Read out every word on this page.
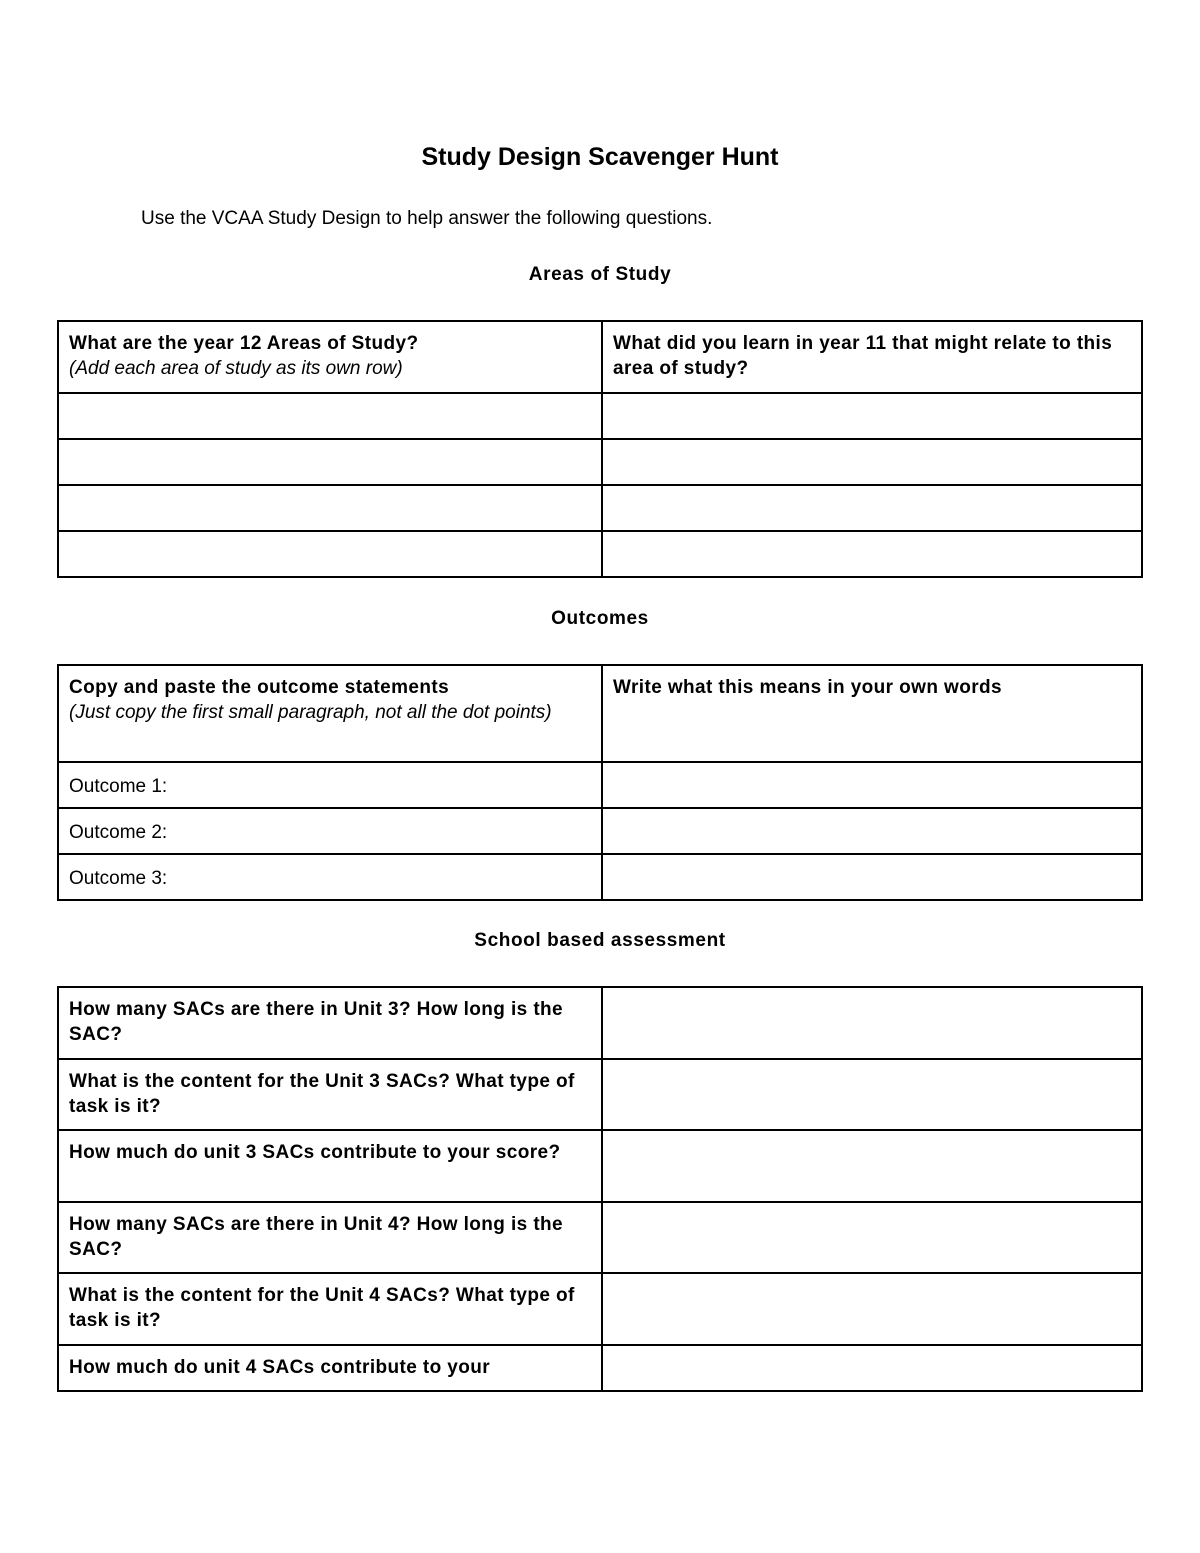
Study Design Scavenger Hunt
Use the VCAA Study Design to help answer the following questions.
Areas of Study
What are the year 12 Areas of Study?
(Add each area of study as its own row)	What did you learn in year 11 that might relate to this area of study?

Outcomes
Copy and paste the outcome statements
(Just copy the first small paragraph, not all the dot points)	Write what this means in your own words
Outcome 1:	
Outcome 2:	
Outcome 3:	
School based assessment
How many SACs are there in Unit 3? How long is the SAC?	
What is the content for the Unit 3 SACs? What type of task is it?	
How much do unit 3 SACs contribute to your score?	
How many SACs are there in Unit 4? How long is the SAC?	
What is the content for the Unit 4 SACs? What type of task is it?	
How much do unit 4 SACs contribute to your	
